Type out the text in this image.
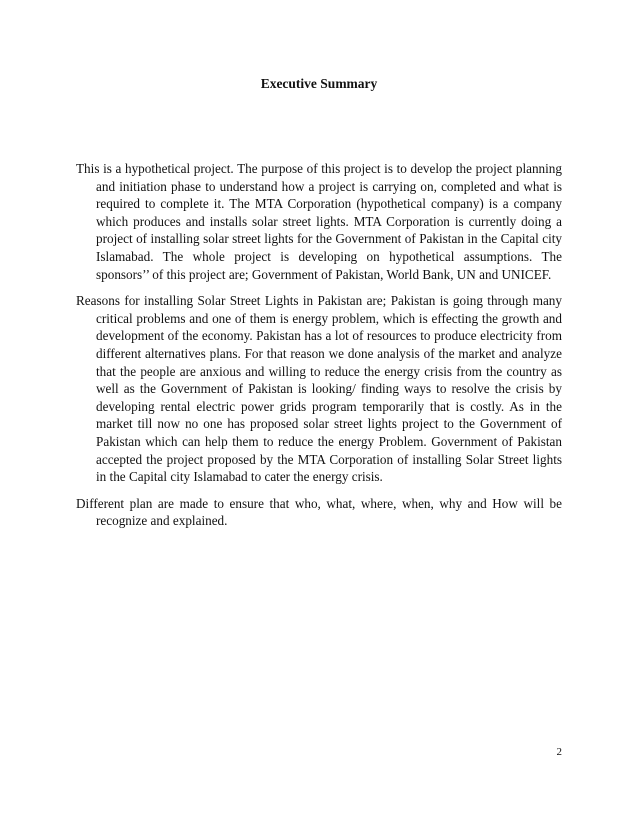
Executive Summary

This is a hypothetical project. The purpose of this project is to develop the project planning and initiation phase to understand how a project is carrying on, completed and what is required to complete it. The MTA Corporation (hypothetical company) is a company which produces and installs solar street lights. MTA Corporation is currently doing a project of installing solar street lights for the Government of Pakistan in the Capital city Islamabad. The whole project is developing on hypothetical assumptions. The sponsors’’ of this project are; Government of Pakistan, World Bank, UN and UNICEF.

Reasons for installing Solar Street Lights in Pakistan are; Pakistan is going through many critical problems and one of them is energy problem, which is effecting the growth and development of the economy. Pakistan has a lot of resources to produce electricity from different alternatives plans. For that reason we done analysis of the market and analyze that the people are anxious and willing to reduce the energy crisis from the country as well as the Government of Pakistan is looking/ finding ways to resolve the crisis by developing rental electric power grids program temporarily that is costly. As in the market till now no one has proposed solar street lights project to the Government of Pakistan which can help them to reduce the energy Problem. Government of Pakistan accepted the project proposed by the MTA Corporation of installing Solar Street lights in the Capital city Islamabad to cater the energy crisis.

Different plan are made to ensure that who, what, where, when, why and How will be recognize and explained.

2
